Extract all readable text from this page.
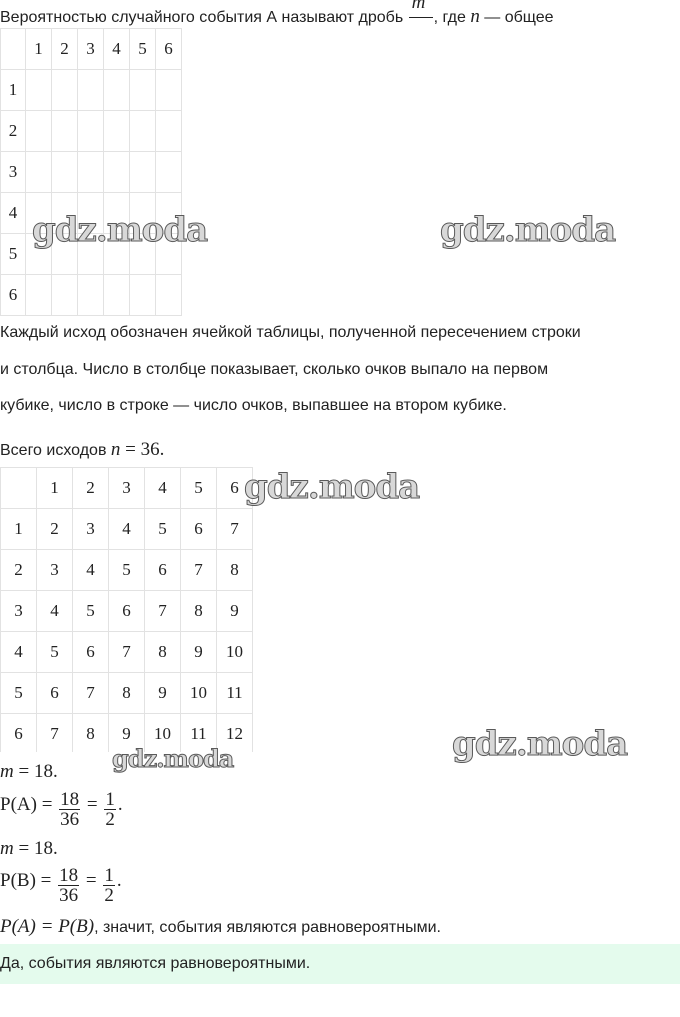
Вероятностью случайного события А называют дробь
m
, где n — общее
	1	2	3	4	5	6
1						
2						
3						
4						
5						
6						
Каждый исход обозначен ячейкой таблицы, полученной пересечением строки
и столбца. Число в столбце показывает, сколько очков выпало на первом
кубике, число в строке — число очков, выпавшее на втором кубике.
Всего исходов n = 36.
	1	2	3	4	5	6
1	2	3	4	5	6	7
2	3	4	5	6	7	8
3	4	5	6	7	8	9
4	5	6	7	8	9	10
5	6	7	8	9	10	11
6	7	8	9	10	11	12
m = 18.
$P(A) = \frac{18}{36} = \frac{1}{2}$ .
m = 18.
$P(B) = \frac{18}{36} = \frac{1}{2}$ .
P(A) = P(B), значит, события являются равновероятными.
Да, события являются равновероятными.
gdz.moda	gdz.moda
gdz.moda
gdz.moda
gdz.moda
